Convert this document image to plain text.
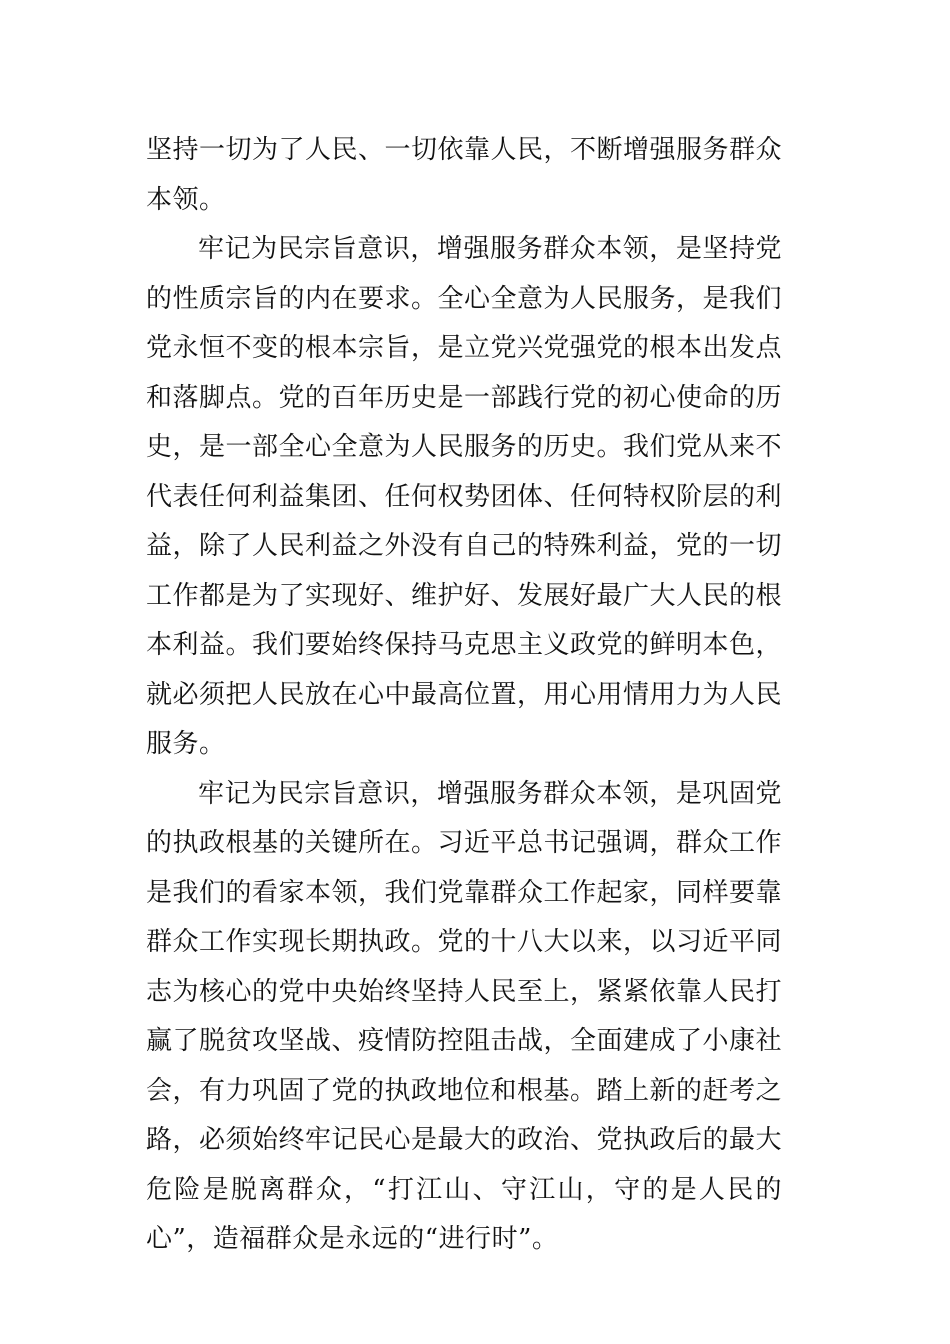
坚持一切为了人民、一切依靠人民，不断增强服务群众本领。

牢记为民宗旨意识，增强服务群众本领，是坚持党的性质宗旨的内在要求。全心全意为人民服务，是我们党永恒不变的根本宗旨，是立党兴党强党的根本出发点和落脚点。党的百年历史是一部践行党的初心使命的历史，是一部全心全意为人民服务的历史。我们党从来不代表任何利益集团、任何权势团体、任何特权阶层的利益，除了人民利益之外没有自己的特殊利益，党的一切工作都是为了实现好、维护好、发展好最广大人民的根本利益。我们要始终保持马克思主义政党的鲜明本色，就必须把人民放在心中最高位置，用心用情用力为人民服务。

牢记为民宗旨意识，增强服务群众本领，是巩固党的执政根基的关键所在。习近平总书记强调，群众工作是我们的看家本领，我们党靠群众工作起家，同样要靠群众工作实现长期执政。党的十八大以来，以习近平同志为核心的党中央始终坚持人民至上，紧紧依靠人民打赢了脱贫攻坚战、疫情防控阻击战，全面建成了小康社会，有力巩固了党的执政地位和根基。踏上新的赶考之路，必须始终牢记民心是最大的政治、党执政后的最大危险是脱离群众，“打江山、守江山，守的是人民的心”，造福群众是永远的“进行时”。
